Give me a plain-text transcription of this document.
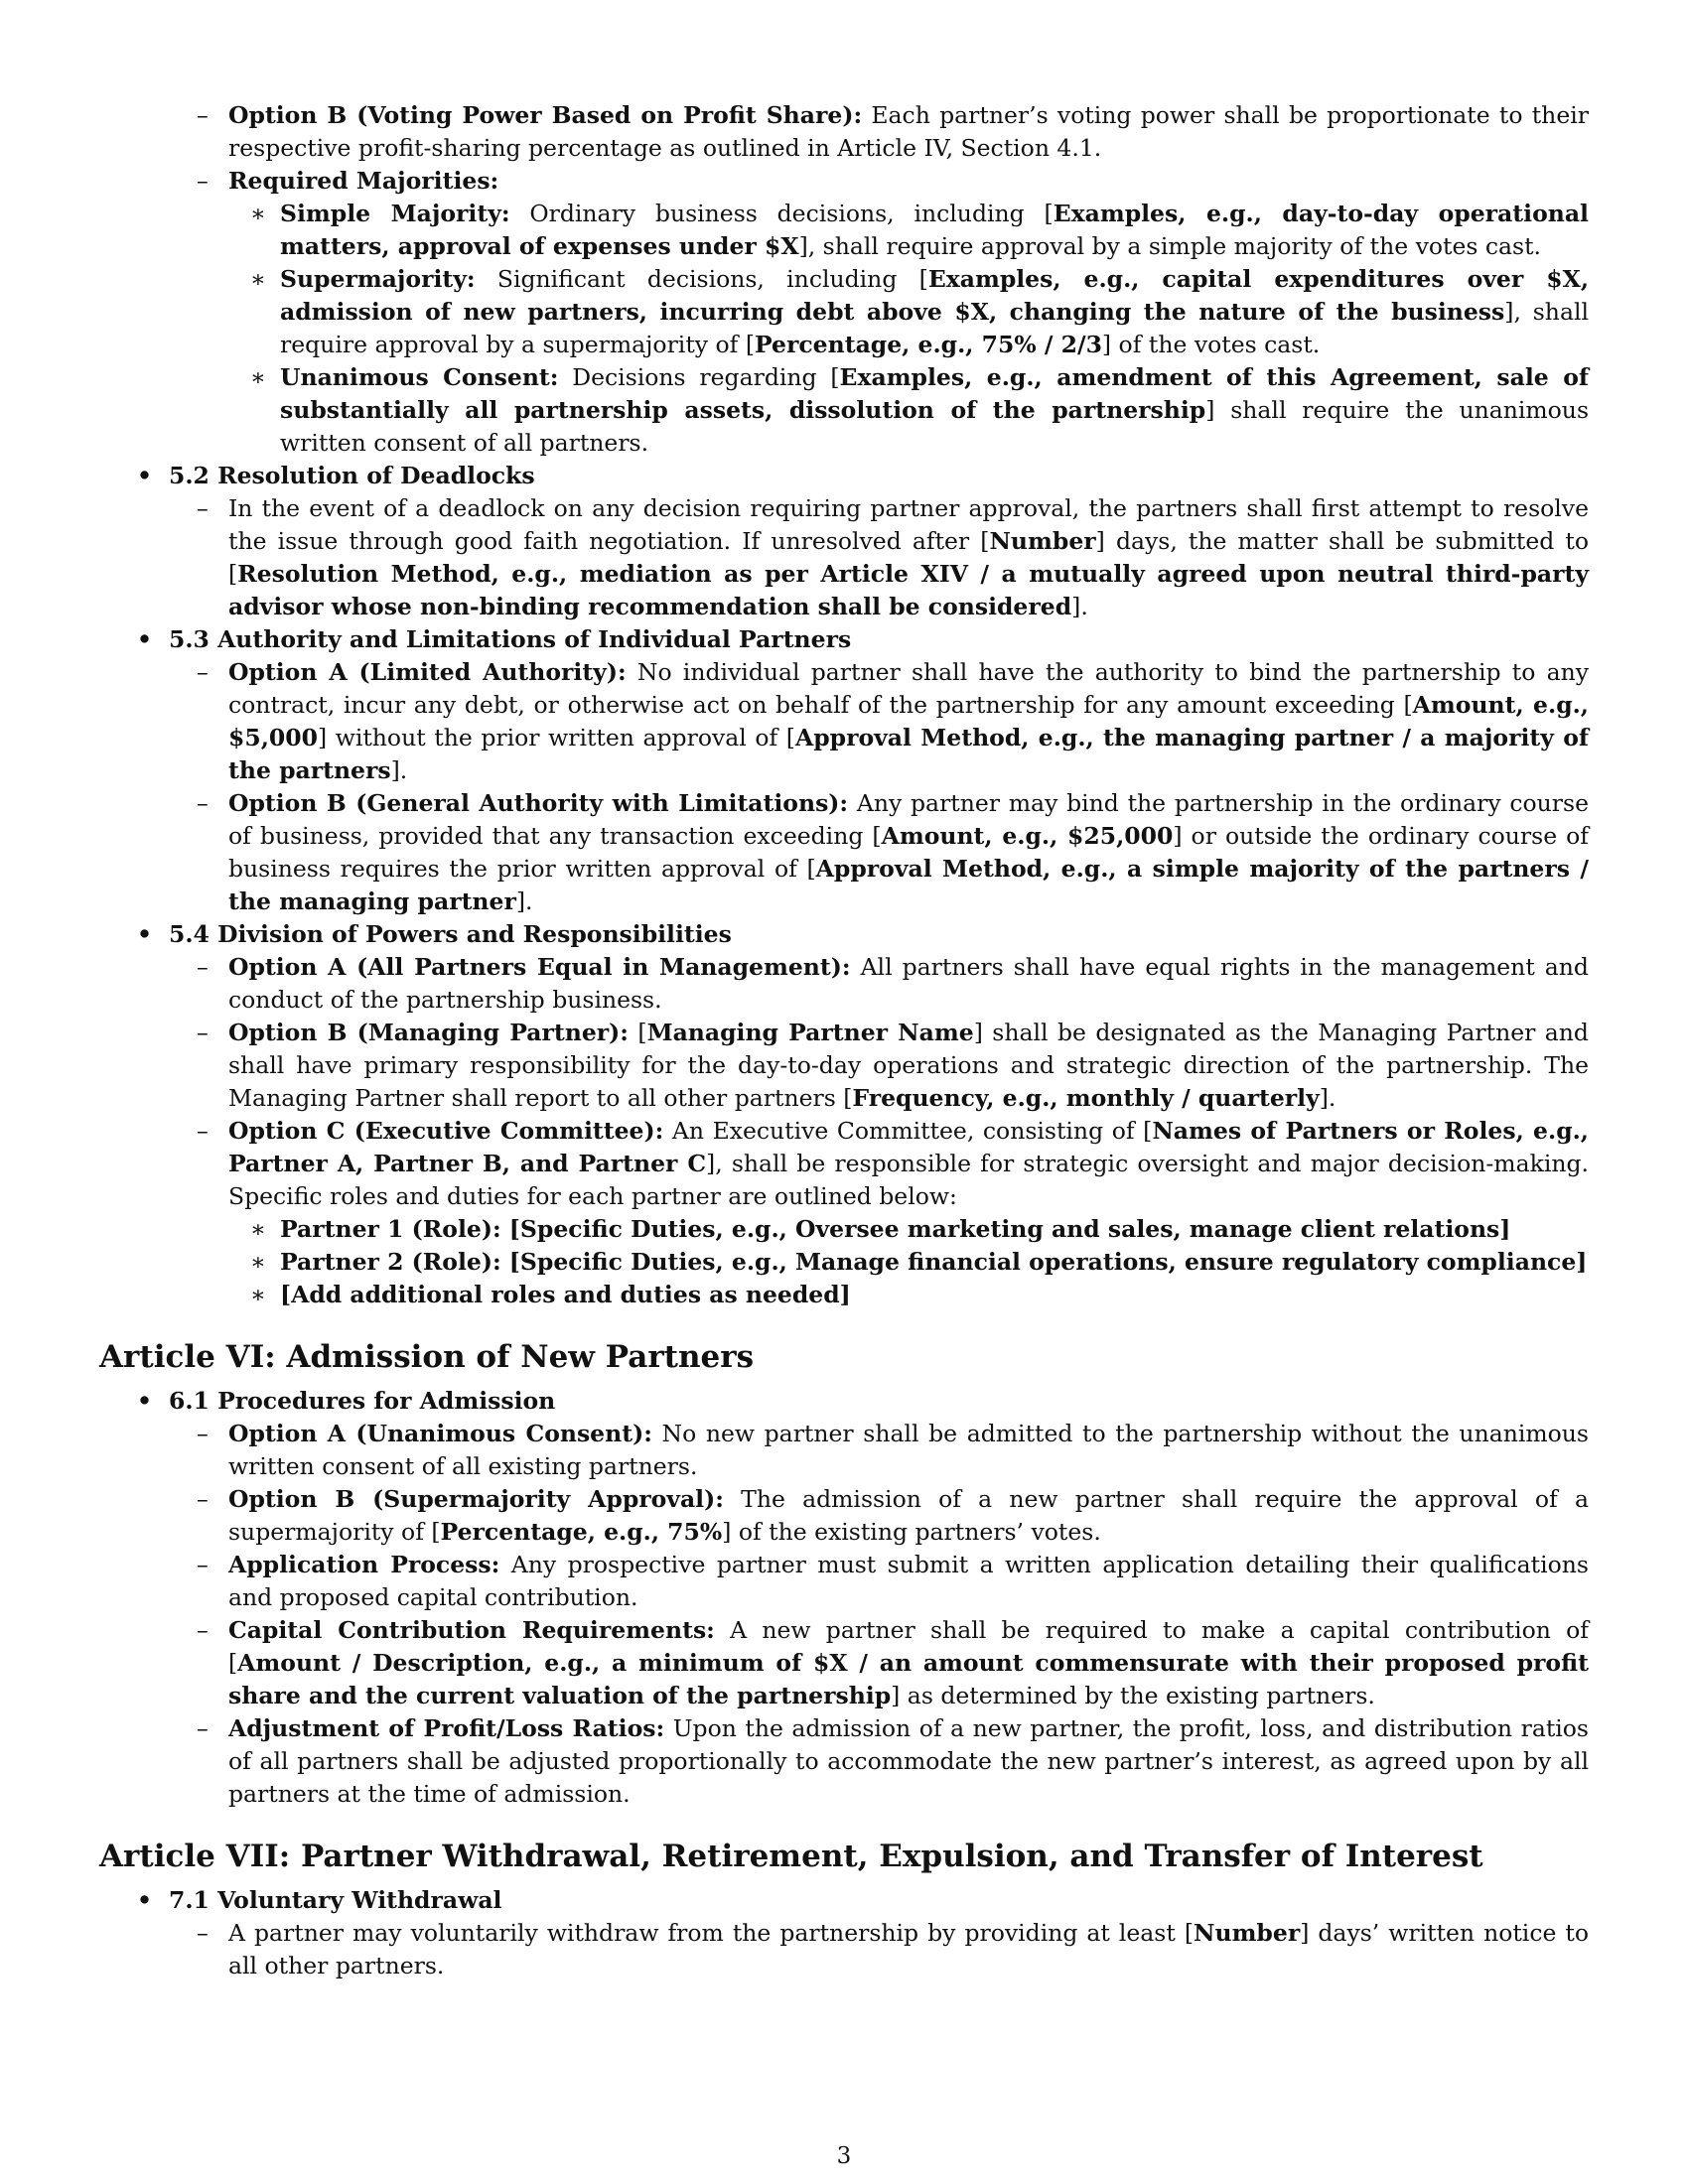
– Option B (Voting Power Based on Profit Share): Each partner’s voting power shall be proportionate to their respective profit-sharing percentage as outlined in Article IV, Section 4.1.
– Required Majorities:
∗ Simple Majority: Ordinary business decisions, including [Examples, e.g., day-to-day operational matters, approval of expenses under $X], shall require approval by a simple majority of the votes cast.
∗ Supermajority: Significant decisions, including [Examples, e.g., capital expenditures over $X, admission of new partners, incurring debt above $X, changing the nature of the business], shall require approval by a supermajority of [Percentage, e.g., 75% / 2/3] of the votes cast.
∗ Unanimous Consent: Decisions regarding [Examples, e.g., amendment of this Agreement, sale of substantially all partnership assets, dissolution of the partnership] shall require the unanimous written consent of all partners.
• 5.2 Resolution of Deadlocks
– In the event of a deadlock on any decision requiring partner approval, the partners shall first attempt to resolve the issue through good faith negotiation. If unresolved after [Number] days, the matter shall be submitted to [Resolution Method, e.g., mediation as per Article XIV / a mutually agreed upon neutral third-party advisor whose non-binding recommendation shall be considered].
• 5.3 Authority and Limitations of Individual Partners
– Option A (Limited Authority): No individual partner shall have the authority to bind the partnership to any contract, incur any debt, or otherwise act on behalf of the partnership for any amount exceeding [Amount, e.g., $5,000] without the prior written approval of [Approval Method, e.g., the managing partner / a majority of the partners].
– Option B (General Authority with Limitations): Any partner may bind the partnership in the ordinary course of business, provided that any transaction exceeding [Amount, e.g., $25,000] or outside the ordinary course of business requires the prior written approval of [Approval Method, e.g., a simple majority of the partners / the managing partner].
• 5.4 Division of Powers and Responsibilities
– Option A (All Partners Equal in Management): All partners shall have equal rights in the management and conduct of the partnership business.
– Option B (Managing Partner): [Managing Partner Name] shall be designated as the Managing Partner and shall have primary responsibility for the day-to-day operations and strategic direction of the partnership. The Managing Partner shall report to all other partners [Frequency, e.g., monthly / quarterly].
– Option C (Executive Committee): An Executive Committee, consisting of [Names of Partners or Roles, e.g., Partner A, Partner B, and Partner C], shall be responsible for strategic oversight and major decision-making. Specific roles and duties for each partner are outlined below:
∗ Partner 1 (Role): [Specific Duties, e.g., Oversee marketing and sales, manage client relations]
∗ Partner 2 (Role): [Specific Duties, e.g., Manage financial operations, ensure regulatory compliance]
∗ [Add additional roles and duties as needed]
Article VI: Admission of New Partners
• 6.1 Procedures for Admission
– Option A (Unanimous Consent): No new partner shall be admitted to the partnership without the unanimous written consent of all existing partners.
– Option B (Supermajority Approval): The admission of a new partner shall require the approval of a supermajority of [Percentage, e.g., 75%] of the existing partners’ votes.
– Application Process: Any prospective partner must submit a written application detailing their qualifications and proposed capital contribution.
– Capital Contribution Requirements: A new partner shall be required to make a capital contribution of [Amount / Description, e.g., a minimum of $X / an amount commensurate with their proposed profit share and the current valuation of the partnership] as determined by the existing partners.
– Adjustment of Profit/Loss Ratios: Upon the admission of a new partner, the profit, loss, and distribution ratios of all partners shall be adjusted proportionally to accommodate the new partner’s interest, as agreed upon by all partners at the time of admission.
Article VII: Partner Withdrawal, Retirement, Expulsion, and Transfer of Interest
• 7.1 Voluntary Withdrawal
– A partner may voluntarily withdraw from the partnership by providing at least [Number] days’ written notice to all other partners.
3
